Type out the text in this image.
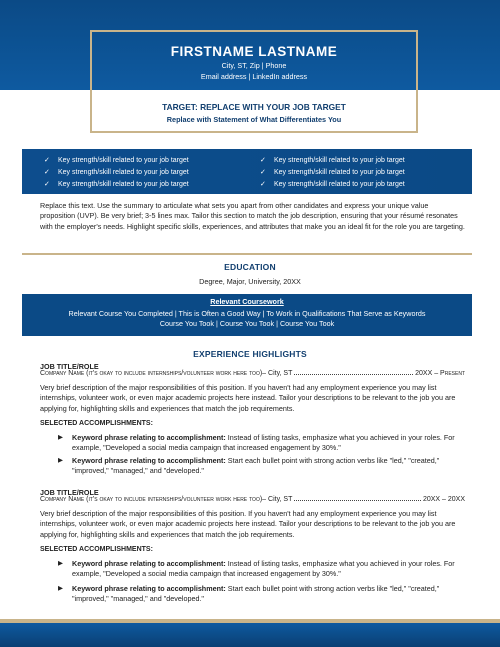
FIRSTNAME LASTNAME
City, ST, Zip | Phone
Email address | LinkedIn address
TARGET: REPLACE WITH YOUR JOB TARGET
Replace with Statement of What Differentiates You
✓	Key strength/skill related to your job target
✓	Key strength/skill related to your job target
✓	Key strength/skill related to your job target
✓	Key strength/skill related to your job target
✓	Key strength/skill related to your job target
✓	Key strength/skill related to your job target
Replace this text. Use the summary to articulate what sets you apart from other candidates and express your unique value proposition (UVP). Be very brief; 3-5 lines max. Tailor this section to match the job description, ensuring that your résumé resonates with the employer's needs. Highlight specific skills, experiences, and attributes that make you an ideal fit for the role you are targeting.
EDUCATION
Degree, Major, University, 20XX
Relevant Coursework
Relevant Course You Completed | This is Often a Good Way | To Work in Qualifications That Serve as Keywords
Course You Took | Course You Took | Course You Took
EXPERIENCE HIGHLIGHTS
JOB TITLE/ROLE
Company Name (it's okay to include internships/volunteer work here too) – City, ST	20XX – Present
Very brief description of the major responsibilities of this position. If you haven't had any employment experience you may list internships, volunteer work, or even major academic projects here instead. Tailor your descriptions to be relevant to the job you are applying for, highlighting skills and experiences that match the job requirements.
SELECTED ACCOMPLISHMENTS:
▶ Keyword phrase relating to accomplishment: Instead of listing tasks, emphasize what you achieved in your roles. For example, "Developed a social media campaign that increased engagement by 30%."
▶ Keyword phrase relating to accomplishment: Start each bullet point with strong action verbs like "led," "created," "improved," "managed," and "developed."
JOB TITLE/ROLE
Company Name (it's okay to include internships/volunteer work here too) – City, ST	20XX – 20XX
Very brief description of the major responsibilities of this position. If you haven't had any employment experience you may list internships, volunteer work, or even major academic projects here instead. Tailor your descriptions to be relevant to the job you are applying for, highlighting skills and experiences that match the job requirements.
SELECTED ACCOMPLISHMENTS:
▶ Keyword phrase relating to accomplishment: Instead of listing tasks, emphasize what you achieved in your roles. For example, "Developed a social media campaign that increased engagement by 30%."
▶ Keyword phrase relating to accomplishment: Start each bullet point with strong action verbs like "led," "created," "improved," "managed," and "developed."
